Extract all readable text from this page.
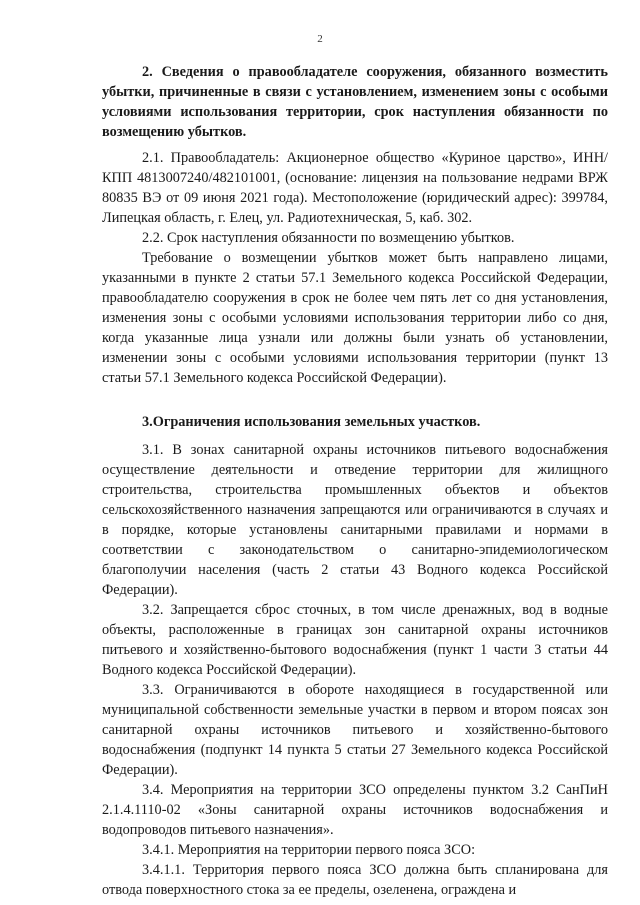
2
2. Сведения о правообладателе сооружения, обязанного возместить убытки, причиненные в связи с установлением, изменением зоны с особыми условиями использования территории, срок наступления обязанности по возмещению убытков.

2.1. Правообладатель: Акционерное общество «Куриное царство», ИНН/КПП 4813007240/482101001, (основание: лицензия на пользование недрами ВРЖ 80835 ВЭ от 09 июня 2021 года). Местоположение (юридический адрес): 399784, Липецкая область, г. Елец, ул. Радиотехническая, 5, каб. 302.

2.2. Срок наступления обязанности по возмещению убытков.

Требование о возмещении убытков может быть направлено лицами, указанными в пункте 2 статьи 57.1 Земельного кодекса Российской Федерации, правообладателю сооружения в срок не более чем пять лет со дня установления, изменения зоны с особыми условиями использования территории либо со дня, когда указанные лица узнали или должны были узнать об установлении, изменении зоны с особыми условиями использования территории (пункт 13 статьи 57.1 Земельного кодекса Российской Федерации).

3.Ограничения использования земельных участков.

3.1. В зонах санитарной охраны источников питьевого водоснабжения осуществление деятельности и отведение территории для жилищного строительства, строительства промышленных объектов и объектов сельскохозяйственного назначения запрещаются или ограничиваются в случаях и в порядке, которые установлены санитарными правилами и нормами в соответствии с законодательством о санитарно-эпидемиологическом благополучии населения (часть 2 статьи 43 Водного кодекса Российской Федерации).

3.2. Запрещается сброс сточных, в том числе дренажных, вод в водные объекты, расположенные в границах зон санитарной охраны источников питьевого и хозяйственно-бытового водоснабжения (пункт 1 части 3 статьи 44 Водного кодекса Российской Федерации).

3.3. Ограничиваются в обороте находящиеся в государственной или муниципальной собственности земельные участки в первом и втором поясах зон санитарной охраны источников питьевого и хозяйственно-бытового водоснабжения (подпункт 14 пункта 5 статьи 27 Земельного кодекса Российской Федерации).

3.4. Мероприятия на территории ЗСО определены пунктом 3.2 СанПиН 2.1.4.1110-02 «Зоны санитарной охраны источников водоснабжения и водопроводов питьевого назначения».

3.4.1. Мероприятия на территории первого пояса ЗСО:

3.4.1.1. Территория первого пояса ЗСО должна быть спланирована для отвода поверхностного стока за ее пределы, озеленена, ограждена и
